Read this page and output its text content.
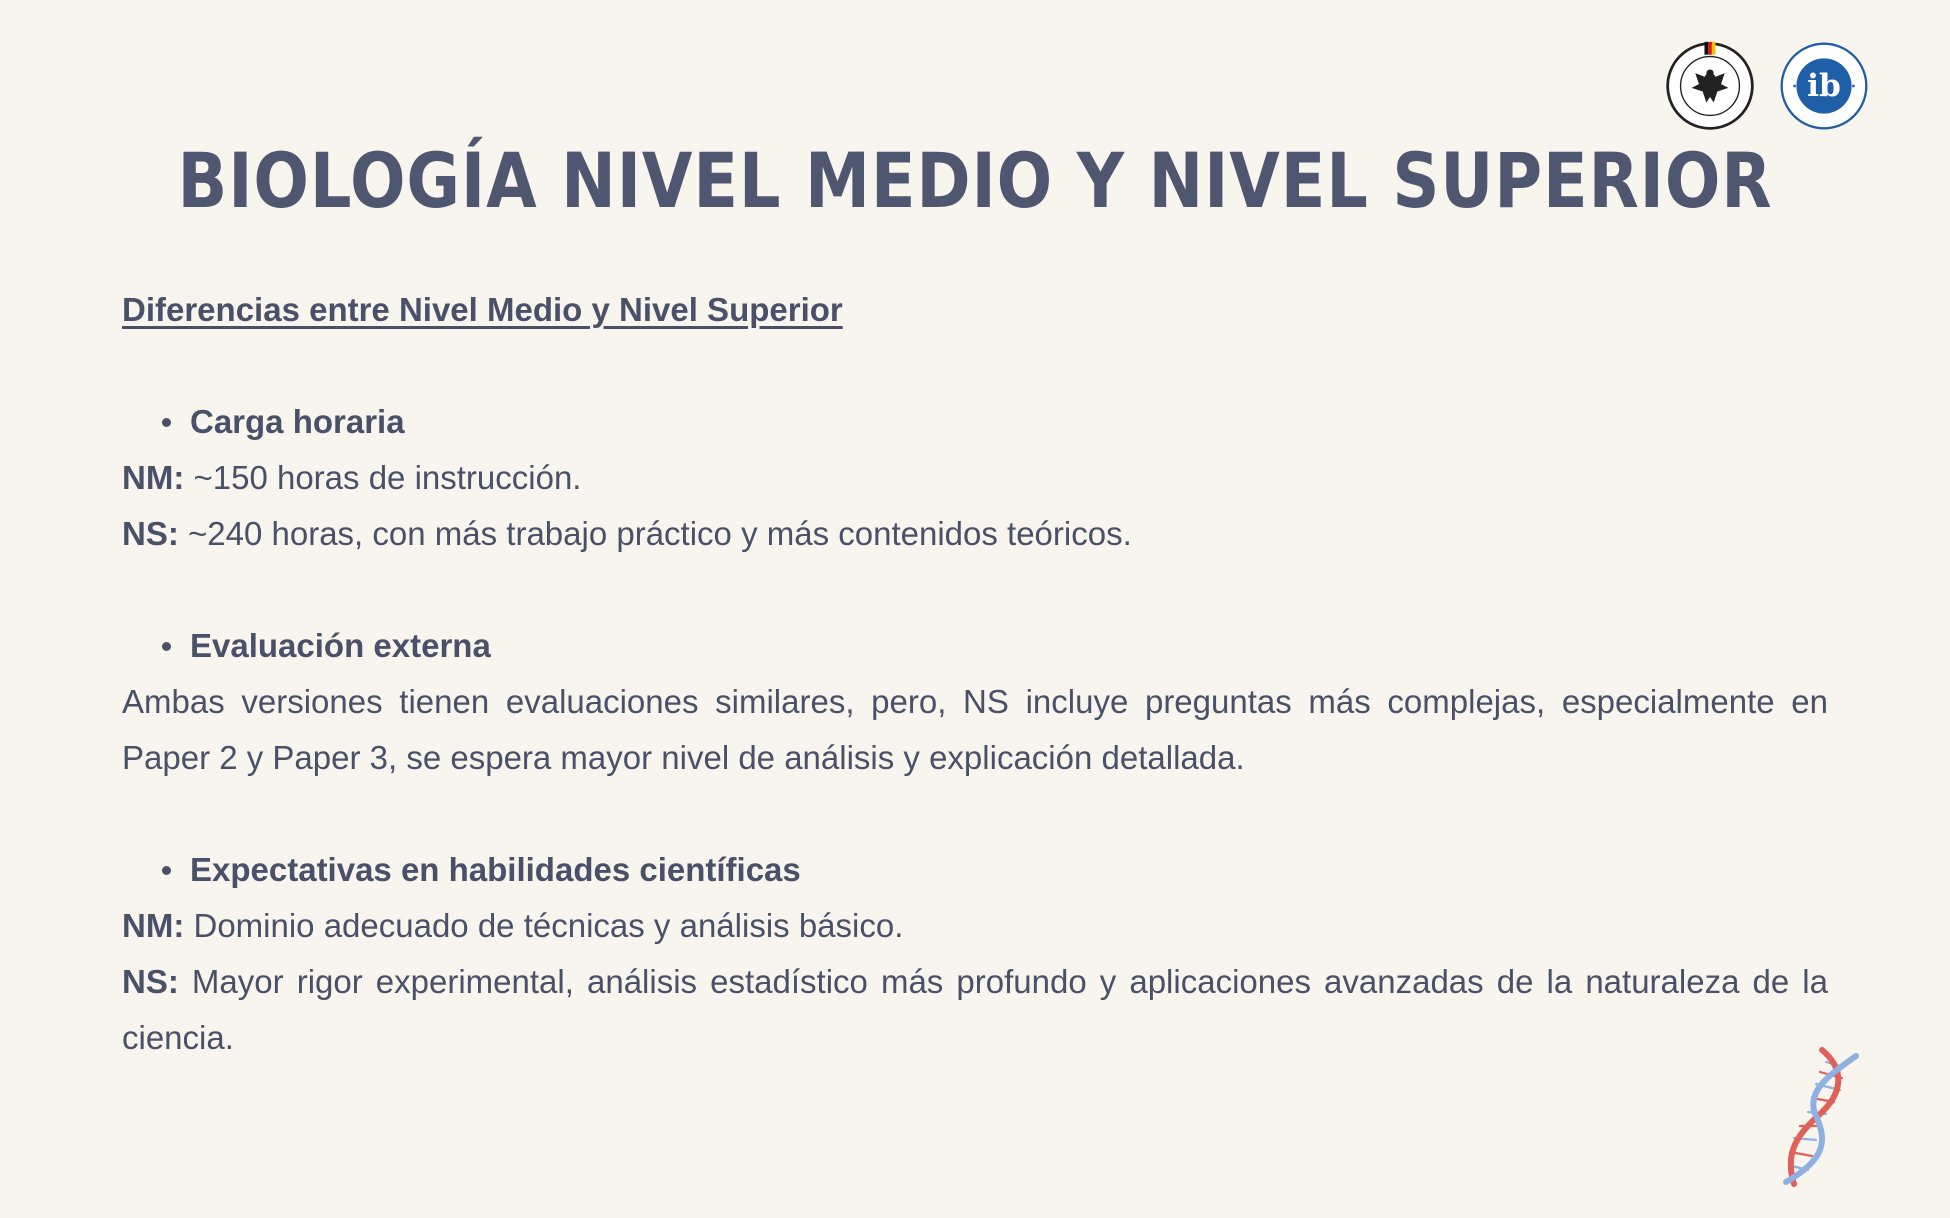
ib
BIOLOGÍA NIVEL MEDIO Y NIVEL SUPERIOR

Diferencias entre Nivel Medio y Nivel Superior

Carga horaria

NM: ~150 horas de instrucción.

NS: ~240 horas, con más trabajo práctico y más contenidos teóricos.

Evaluación externa

Ambas versiones tienen evaluaciones similares, pero, NS incluye preguntas más complejas, especialmente en Paper 2 y Paper 3, se espera mayor nivel de análisis y explicación detallada.

Expectativas en habilidades científicas

NM: Dominio adecuado de técnicas y análisis básico.

NS: Mayor rigor experimental, análisis estadístico más profundo y aplicaciones avanzadas de la naturaleza de la ciencia.
